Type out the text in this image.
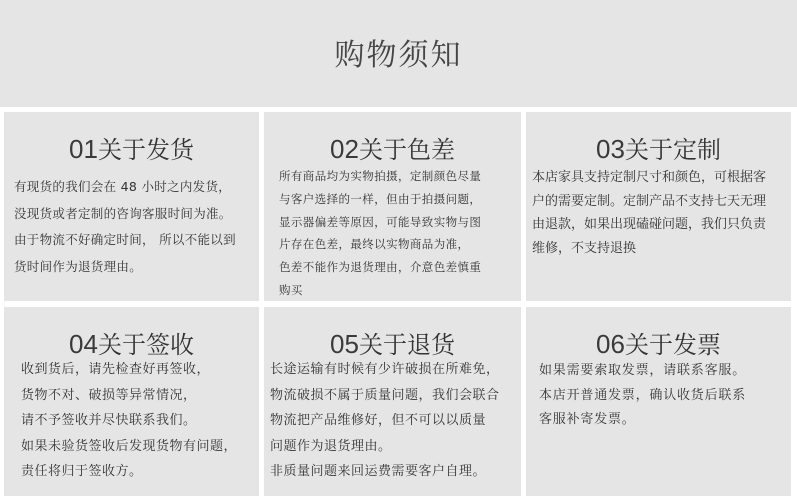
购物须知
01关于发货
有现货的我们会在 48 小时之内发货，
没现货或者定制的咨询客服时间为准。
由于物流不好确定时间， 所以不能以到
货时间作为退货理由。
02关于色差
所有商品均为实物拍摄，定制颜色尽量
与客户选择的一样，但由于拍摄问题，
显示器偏差等原因，可能导致实物与图
片存在色差，最终以实物商品为准，
色差不能作为退货理由，介意色差慎重
购买
03关于定制
本店家具支持定制尺寸和颜色，可根据客
户的需要定制。定制产品不支持七天无理
由退款，如果出现磕碰问题，我们只负责
维修，不支持退换
04关于签收
收到货后，请先检查好再签收，
货物不对、破损等异常情况，
请不予签收并尽快联系我们。
如果未验货签收后发现货物有问题，
责任将归于签收方。
05关于退货
长途运输有时候有少许破损在所难免，
物流破损不属于质量问题，我们会联合
物流把产品维修好，但不可以以质量
问题作为退货理由。
非质量问题来回运费需要客户自理。
06关于发票
如果需要索取发票，请联系客服。
本店开普通发票，确认收货后联系
客服补寄发票。
